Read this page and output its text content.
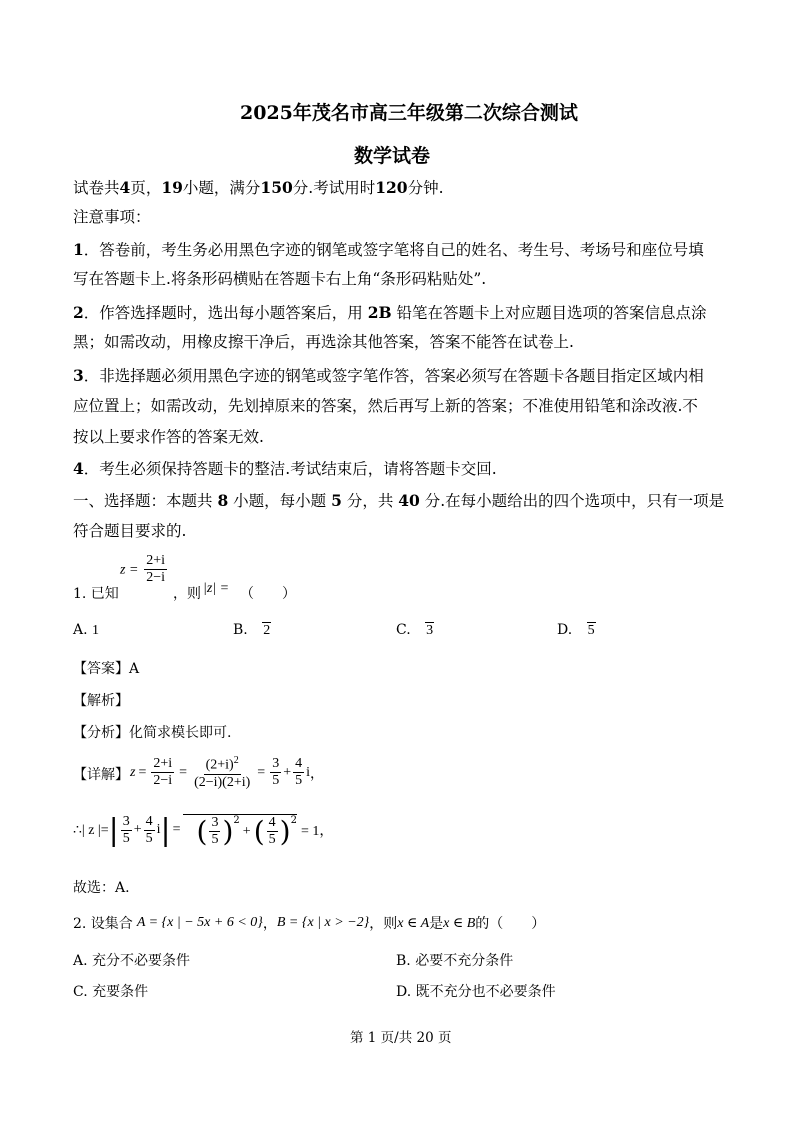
2025年茂名市高三年级第二次综合测试
数学试卷
试卷共4页，19小题，满分150分.考试用时120分钟.
注意事项：
1．答卷前，考生务必用黑色字迹的钢笔或签字笔将自己的姓名、考生号、考场号和座位号填
写在答题卡上.将条形码横贴在答题卡右上角“条形码粘贴处”.
2．作答选择题时，选出每小题答案后，用 2B 铅笔在答题卡上对应题目选项的答案信息点涂
黑；如需改动，用橡皮擦干净后，再选涂其他答案，答案不能答在试卷上.
3．非选择题必须用黑色字迹的钢笔或签字笔作答，答案必须写在答题卡各题目指定区域内相
应位置上；如需改动，先划掉原来的答案，然后再写上新的答案；不准使用铅笔和涂改液.不
按以上要求作答的答案无效.
4．考生必须保持答题卡的整洁.考试结束后，请将答题卡交回.
一、选择题：本题共 8 小题，每小题 5 分，共 40 分.在每小题给出的四个选项中，只有一项是
符合题目要求的.
1. 已知
$z = \frac{2+i}{2-i}$
，则 |z| = （　　）
A. 1	B. 2	C. 3	D. 5
【答案】A
【解析】
【分析】化简求模长即可.
【详解】 $z = \frac{2+i}{2-i} = \frac{(2+i)^2}{(2-i)(2+i)} = \frac{3}{5} + \frac{4}{5}$ i ，
∴| z |= | $\frac{3}{5} + \frac{4}{5}$ i | = ( $\frac{3}{5} )^2$
+ ( $\frac{4}{5} )^2$
= 1，
故选：A.
2. 设集合 A = {x | − 5x + 6 < 0} ， B = {x | x > −2} ，则 x ∈ A 是 x ∈ B 的（　　）
A. 充分不必要条件	B. 必要不充分条件
C. 充要条件	D. 既不充分也不必要条件
第 1 页/共 20 页
